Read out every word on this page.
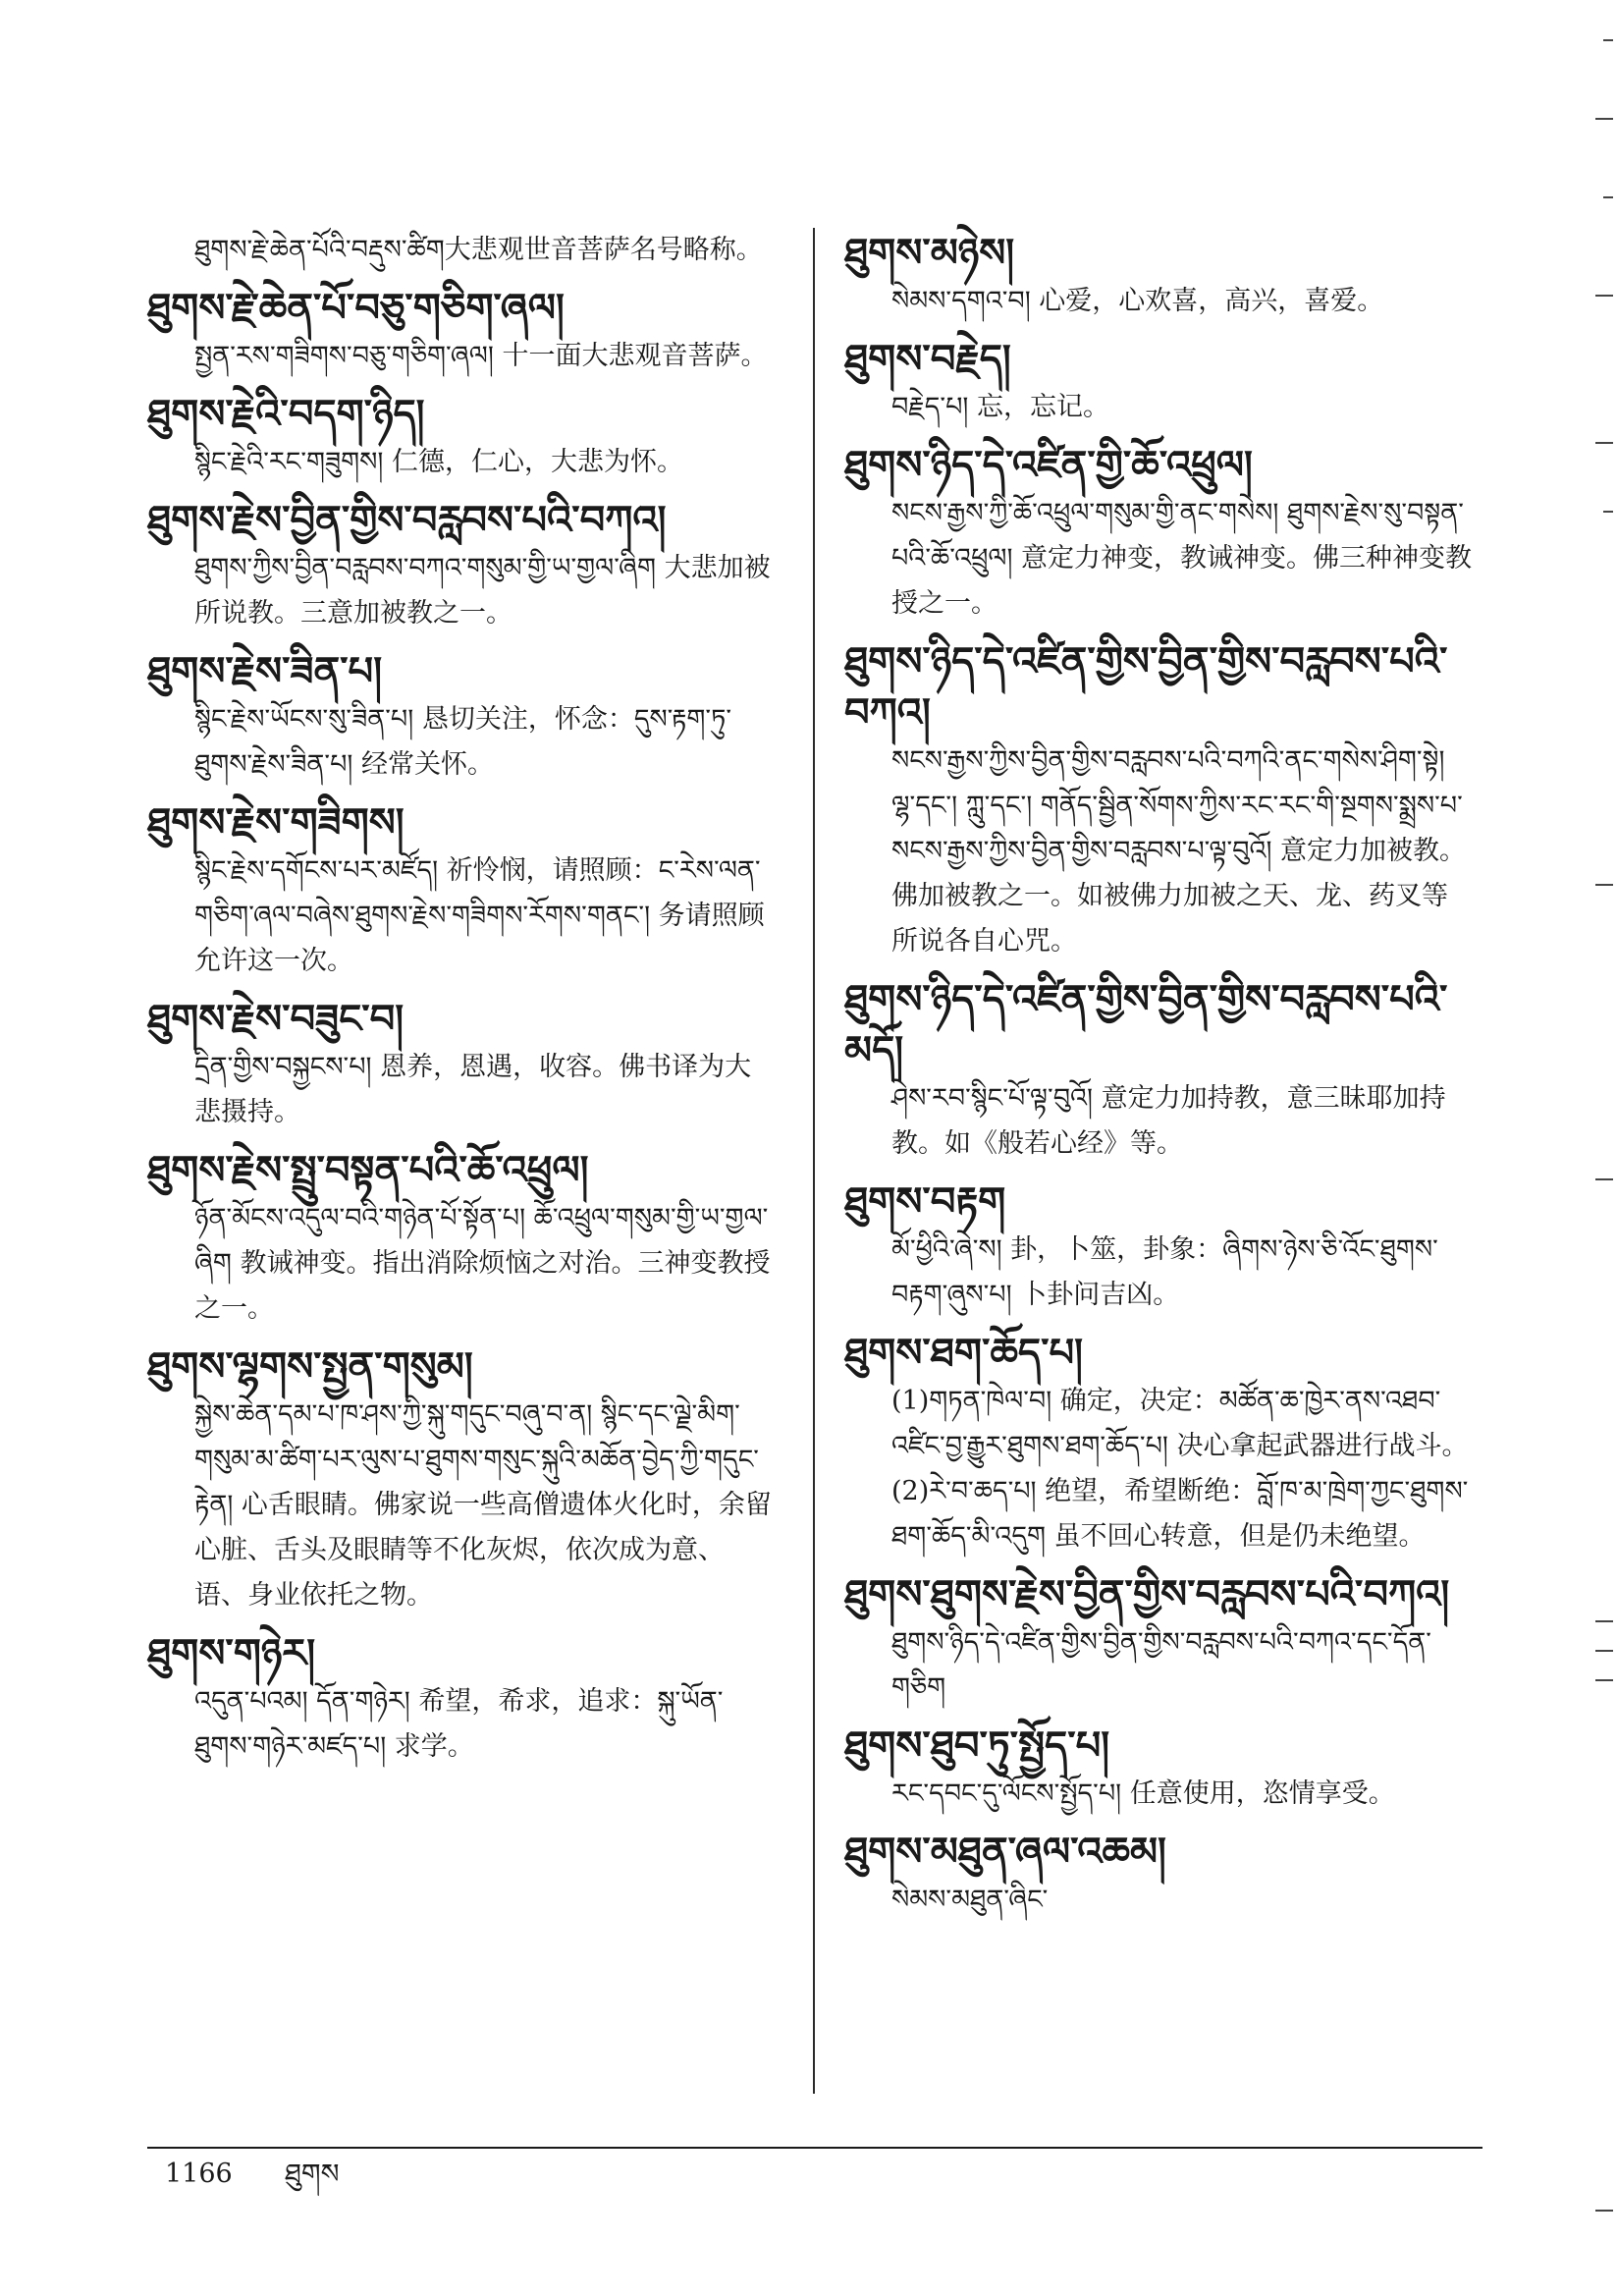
ཐུགས་རྗེ་ཆེན་པོའི་བརྡུས་ཚིག大悲观世音菩萨名号略称。
ཐུགས་རྗེ་ཆེན་པོ་བཅུ་གཅིག་ཞལ།
སྤྱན་རས་གཟིགས་བཅུ་གཅིག་ཞལ། 十一面大悲观音菩萨。
ཐུགས་རྗེའི་བདག་ཉིད།
སྙིང་རྗེའི་རང་གཟུགས། 仁德，仁心，大悲为怀。
ཐུགས་རྗེས་བྱིན་གྱིས་བརླབས་པའི་བཀའ།
ཐུགས་ཀྱིས་བྱིན་བརླབས་བཀའ་གསུམ་གྱི་ཡ་གྱལ་ཞིག 大悲加被所说教。三意加被教之一。
ཐུགས་རྗེས་ཟིན་པ།
སྙིང་རྗེས་ཡོངས་སུ་ཟིན་པ། 恳切关注，怀念：དུས་རྟག་ཏུ་ཐུགས་རྗེས་ཟིན་པ། 经常关怀。
ཐུགས་རྗེས་གཟིགས།
སྙིང་རྗེས་དགོངས་པར་མཛོད། 祈怜悯，请照顾：ང་རེས་ལན་གཅིག་ཞལ་བཞེས་ཐུགས་རྗེས་གཟིགས་རོགས་གནང་། 务请照顾允许这一次。
ཐུགས་རྗེས་བཟུང་བ།
དྲིན་གྱིས་བསྐྱངས་པ། 恩养，恩遇，收容。佛书译为大悲摄持。
ཐུགས་རྗེས་སྤྲུ་བསྟན་པའི་ཆོ་འཕྲུལ།
ཉོན་མོངས་འདུལ་བའི་གཉེན་པོ་སྟོན་པ། ཆོ་འཕྲུལ་གསུམ་གྱི་ཡ་གྱལ་ཞིག 教诫神变。指出消除烦恼之对治。三神变教授之一。
ཐུགས་ལྷགས་སྤྱན་གསུམ།
སྐྱེས་ཆེན་དམ་པ་ཁ་ཤས་ཀྱི་སྐུ་གདུང་བཞུ་བ་ན། སྙིང་དང་ལྗེ་མིག་གསུམ་མ་ཚིག་པར་ལུས་པ་ཐུགས་གསུང་སྐུའི་མཆོན་བྱེད་ཀྱི་གདུང་རྟེན། 心舌眼睛。佛家说一些高僧遗体火化时，余留心脏、舌头及眼睛等不化灰烬，依次成为意、语、身业依托之物。
ཐུགས་གཉེར།
འདུན་པའམ། དོན་གཉེར། 希望，希求，追求：སྐུ་ཡོན་ཐུགས་གཉེར་མཛད་པ། 求学。
ཐུགས་མཉེས།
སེམས་དགའ་བ། 心爱，心欢喜，高兴，喜爱。
ཐུགས་བརྗེད།
བརྗེད་པ། 忘，忘记。
ཐུགས་ཉིད་དེ་འཛིན་གྱི་ཆོ་འཕྲུལ།
སངས་རྒྱས་ཀྱི་ཆོ་འཕྲུལ་གསུམ་གྱི་ནང་གསེས། ཐུགས་རྗེས་སུ་བསྟན་པའི་ཆོ་འཕྲུལ། 意定力神变，教诫神变。佛三种神变教授之一。
ཐུགས་ཉིད་དེ་འཛིན་གྱིས་བྱིན་གྱིས་བརླབས་པའི་བཀའ།
སངས་རྒྱས་ཀྱིས་བྱིན་གྱིས་བརླབས་པའི་བཀའི་ནང་གསེས་ཤིག་སྟེ། ལྷ་དང་། ཀླུ་དང་། གནོད་སྦྱིན་སོགས་ཀྱིས་རང་རང་གི་སྔགས་སྨྲས་པ་སངས་རྒྱས་ཀྱིས་བྱིན་གྱིས་བརླབས་པ་ལྟ་བུའོ། 意定力加被教。佛加被教之一。如被佛力加被之天、龙、药叉等所说各自心咒。
ཐུགས་ཉིད་དེ་འཛིན་གྱིས་བྱིན་གྱིས་བརླབས་པའི་མདོ།
ཤེས་རབ་སྙིང་པོ་ལྟ་བུའོ། 意定力加持教，意三昧耶加持教。如《般若心经》等。
ཐུགས་བརྟག
མོ་ཕྱིའི་ཞེ་ས། 卦，卜筮，卦象：ཞིགས་ཉེས་ཅི་འོང་ཐུགས་བརྟག་ཞུས་པ། 卜卦问吉凶。
ཐུགས་ཐག་ཆོད་པ།
(1)གཏན་ཁེལ་བ། 确定，决定：མཚོན་ཆ་ཁྱེར་ནས་འཐབ་འཛིང་བྱ་རྒྱུར་ཐུགས་ཐག་ཆོད་པ། 决心拿起武器进行战斗。(2)རེ་བ་ཆད་པ། 绝望，希望断绝：བློ་ཁ་མ་ཁྲེག་ཀྱང་ཐུགས་ཐག་ཆོད་མི་འདུག 虽不回心转意，但是仍未绝望。
ཐུགས་ཐུགས་རྗེས་བྱིན་གྱིས་བརླབས་པའི་བཀའ།
ཐུགས་ཉིད་དེ་འཛིན་གྱིས་བྱིན་གྱིས་བརླབས་པའི་བཀའ་དང་དོན་གཅིག
ཐུགས་ཐུབ་ཏུ་སྤྱོད་པ།
རང་དབང་དུ་ལོངས་སྤྱོད་པ། 任意使用，恣情享受。
ཐུགས་མཐུན་ཞལ་འཆམ།
སེམས་མཐུན་ཞིང་
1166 ཐུགས
